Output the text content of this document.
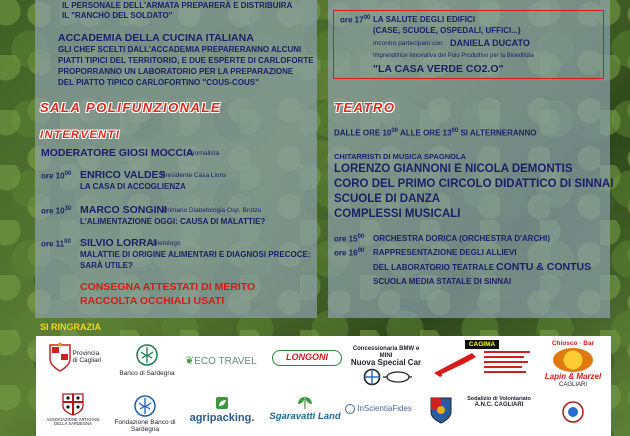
IL PERSONALE DELL'ARMATA PREPARERÀ E DISTRIBUIRA
IL "RANCHO DEL SOLDATO"
ACCADEMIA DELLA CUCINA ITALIANA
GLI CHEF SCELTI DALL'ACCADEMIA PREPARERANNO ALCUNI
PIATTI TIPICI DEL TERRITORIO, E DUE ESPERTE DI CARLOFORTE
PROPORRANNO UN LABORATORIO PER LA PREPARAZIONE
DEL PIATTO TIPICO CARLOFORTINO "COUS-COUS"
SALA POLIFUNZIONALE
INTERVENTI
MODERATORE GIOSI MOCCIA
Giornalista
ore $10^{00}$ ENRICO VALDES
Presidente Casa Lions
LA CASA DI ACCOGLIENZA
ore $10^{30}$ MARCO SONGINI
Primario Diabetologia Osp. Brotzu
L'ALIMENTAZIONE OGGI: CAUSA DI MALATTIE?
ore $11^{00}$ SILVIO LORRAI
Dietologo
MALATTIE DI ORIGINE ALIMENTARI E DIAGNOSI PRECOCE:
SARÀ UTILE?
CONSEGNA ATTESTATI DI MERITO
RACCOLTA OCCHIALI USATI
ore $17^{00}$ LA SALUTE DEGLI EDIFICI
(CASE, SCUOLE, OSPEDALI, UFFICI...)
Incontro partecipato con DANIELA DUCATO
Imprenditrice innovativa del Polo Produttivo per la Bioedilizia
"LA CASA VERDE CO2.O"
TEATRO
DALLE ORE $10^{00}$ ALLE ORE $13^{00}$ SI ALTERNERANNO
CHITARRISTI DI MUSICA SPAGNOLA
LORENZO GIANNONI E NICOLA DEMONTIS
CORO DEL PRIMO CIRCOLO DIDATTICO DI SINNAI
SCUOLE DI DANZA
COMPLESSI MUSICALI
ore $15^{00}$ ORCHESTRA DORICA (ORCHESTRA D'ARCHI)
ore $16^{00}$ RAPPRESENTAZIONE DEGLI ALLIEVI
DEL LABORATORIO TEATRALE CONTU & CONTUS
SCUOLA MEDIA STATALE DI SINNAI
SI RINGRAZIA

Provincia
di Cagliari
Banco di Sardegna
❦ECO TRAVEL	LONGONI
Concessionaria BMW e MINI
Nuova Special Car
CAGIMA	Chiosco · Bar
Lapin & Marzel
CAGLIARI
ASSOCIAZIONE ARTIGIANI DELLA SARDEGNA	Fondazione Banco di Sardegna
agripacking. Sgaravatti Land
InScientiaFides
Sodalizio di Volontariato
A.N.C. CAGLIARI
